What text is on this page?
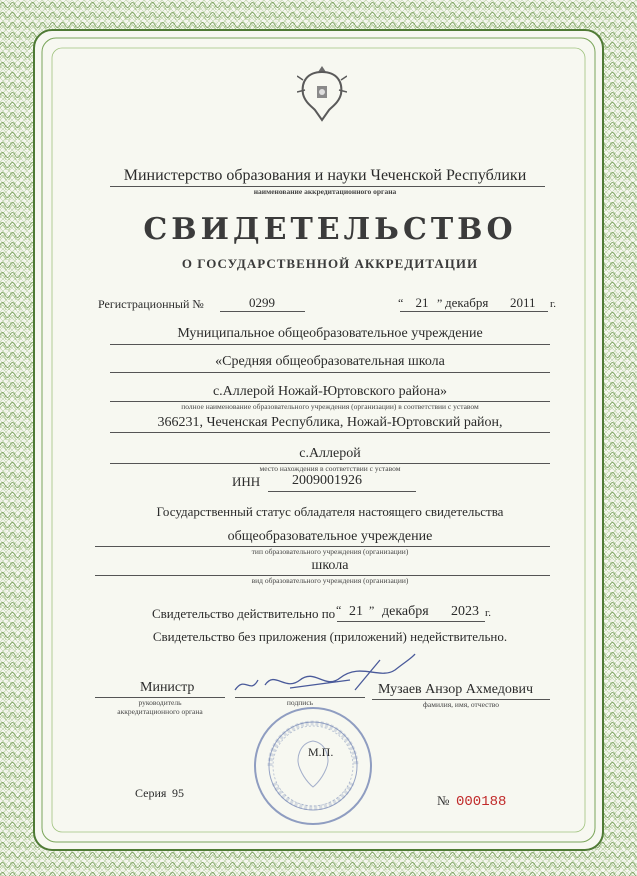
Министерство образования и науки Чеченской Республики
наименование аккредитационного органа
СВИДЕТЕЛЬСТВО
О ГОСУДАРСТВЕННОЙ АККРЕДИТАЦИИ
Регистрационный №	0299	“ 21 ” декабря 2011 г.
Муниципальное общеобразовательное учреждение
«Средняя общеобразовательная школа
с.Аллерой Ножай-Юртовского района»
полное наименование образовательного учреждения (организации) в соответствии с уставом
366231, Чеченская Республика, Ножай-Юртовский район,
с.Аллерой
место нахождения в соответствии с уставом
ИНН	2009001926
Государственный статус обладателя настоящего свидетельства
общеобразовательное учреждение
тип образовательного учреждения (организации)
школа
вид образовательного учреждения (организации)
Свидетельство действительно по “ 21 ” декабря 2023 г.
Свидетельство без приложения (приложений) недействительно.
Министр
руководитель
аккредитационного органа
подпись
Музаев Анзор Ахмедович
фамилия, имя, отчество
М.П.
Серия 95	№ 000188
